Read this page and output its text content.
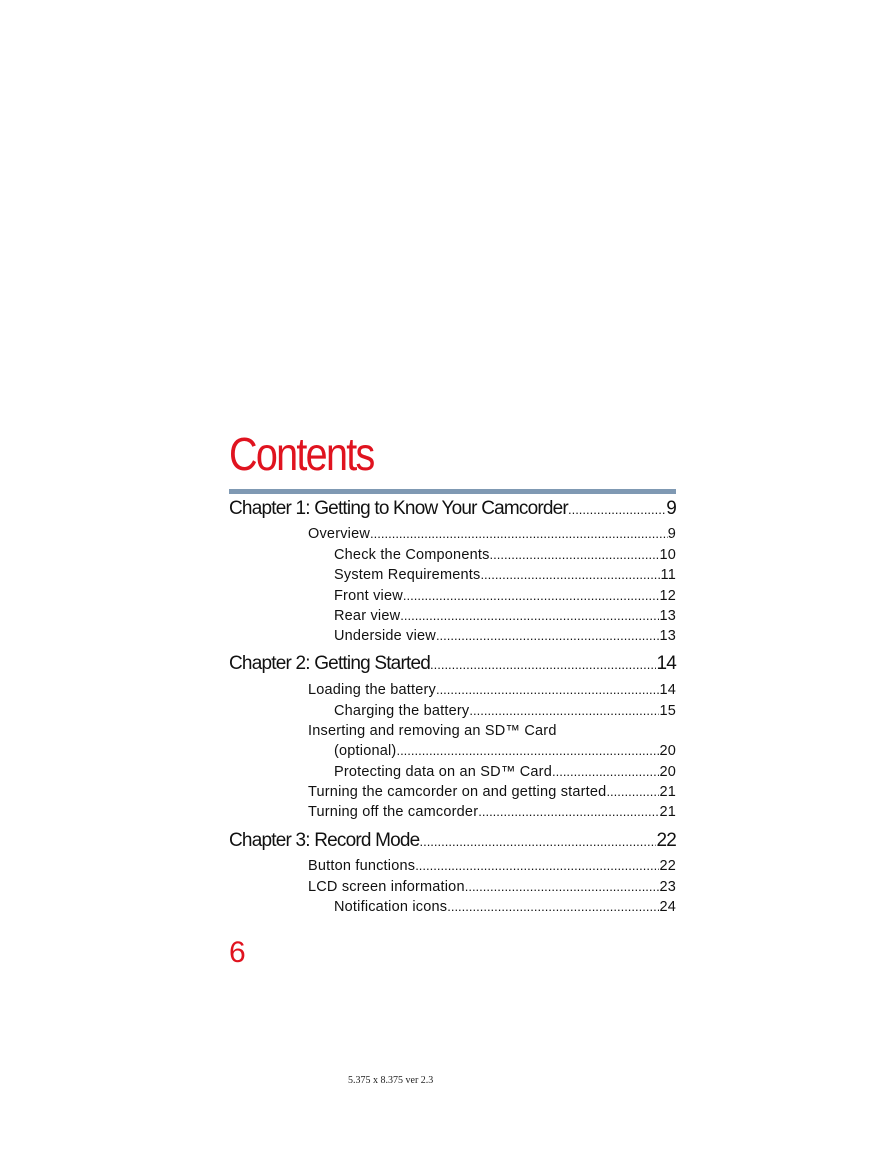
Contents
Chapter 1: Getting to Know Your Camcorder .....	9
Overview .....	9
Check the Components .....	10
System Requirements .....	11
Front view .....	12
Rear view .....	13
Underside view .....	13
Chapter 2: Getting Started .....	14
Loading the battery .....	14
Charging the battery .....	15
Inserting and removing an SD™ Card
(optional) .....	20
Protecting data on an SD™ Card .....	20
Turning the camcorder on and getting started .....	21
Turning off the camcorder .....	21
Chapter 3: Record Mode .....	22
Button functions .....	22
LCD screen information .....	23
Notification icons .....	24
6
5.375 x 8.375 ver 2.3
